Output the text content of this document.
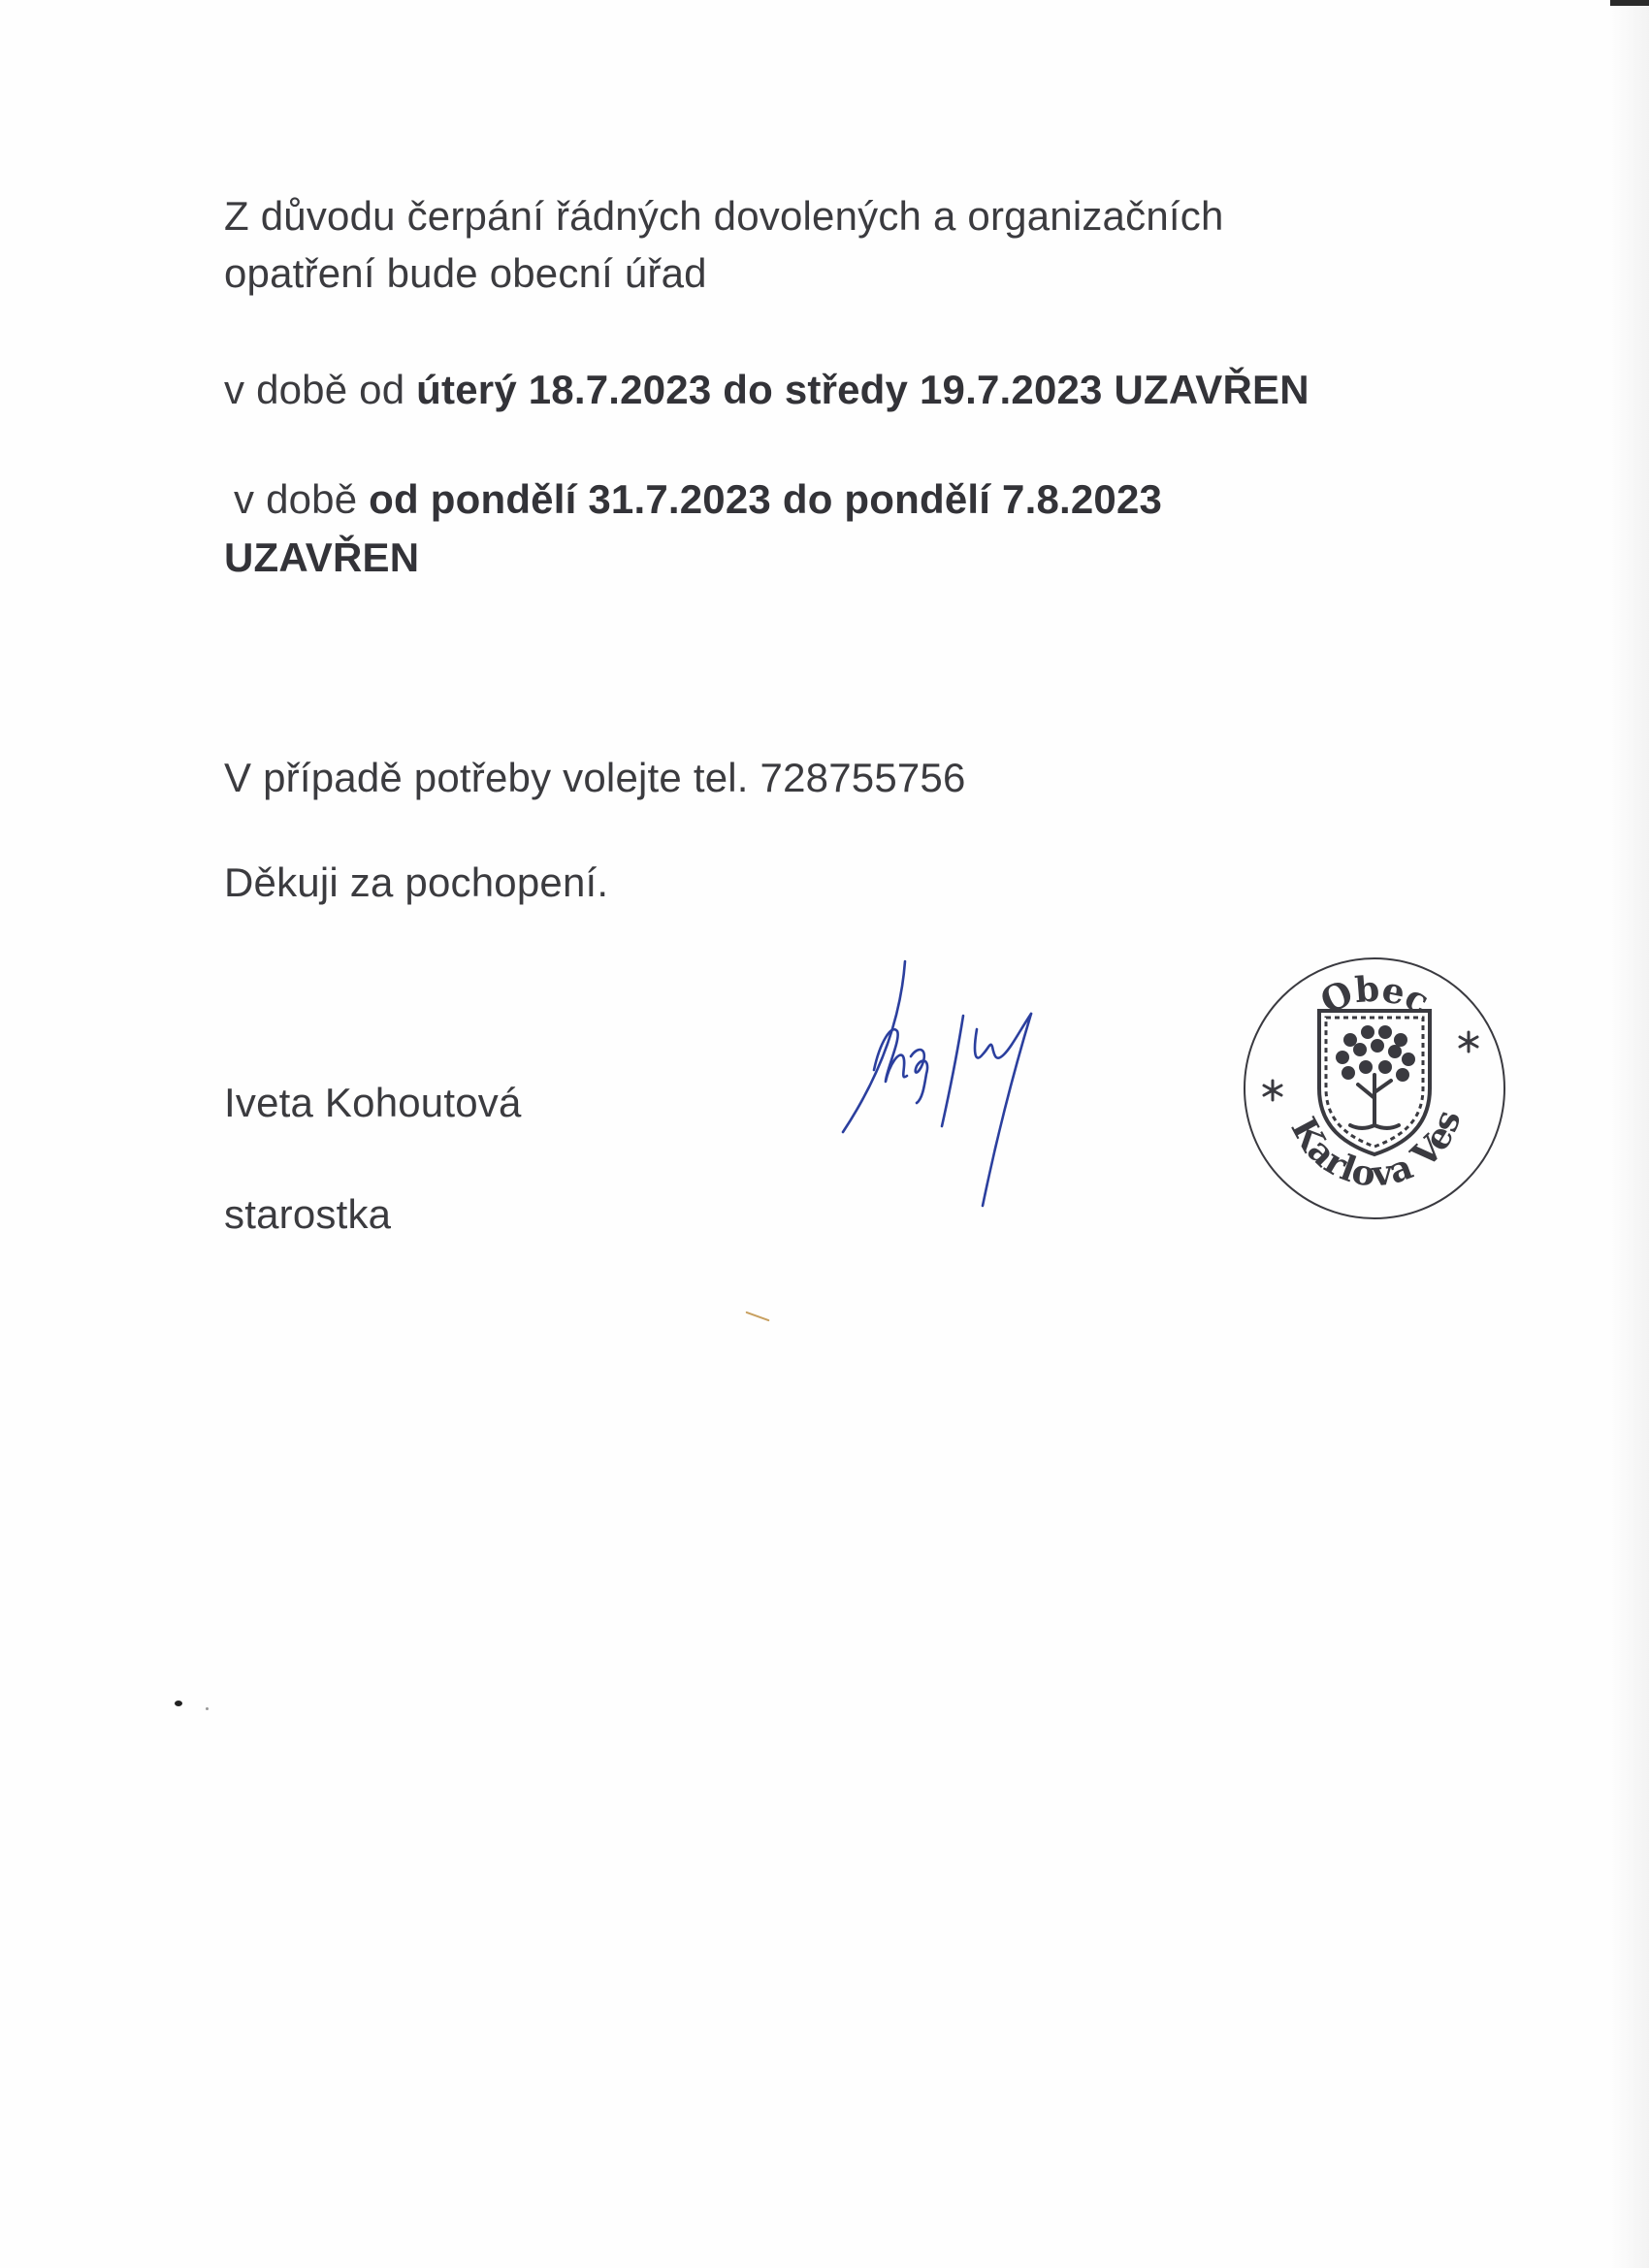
Z důvodu čerpání řádných dovolených a organizačních
opatření bude obecní úřad
v době od úterý 18.7.2023 do středy 19.7.2023 UZAVŘEN
v době od pondělí 31.7.2023 do pondělí 7.8.2023
UZAVŘEN
V případě potřeby volejte tel. 728755756
Děkuji za pochopení.
Iveta Kohoutová
starostka
Obec
Karlova Ves
